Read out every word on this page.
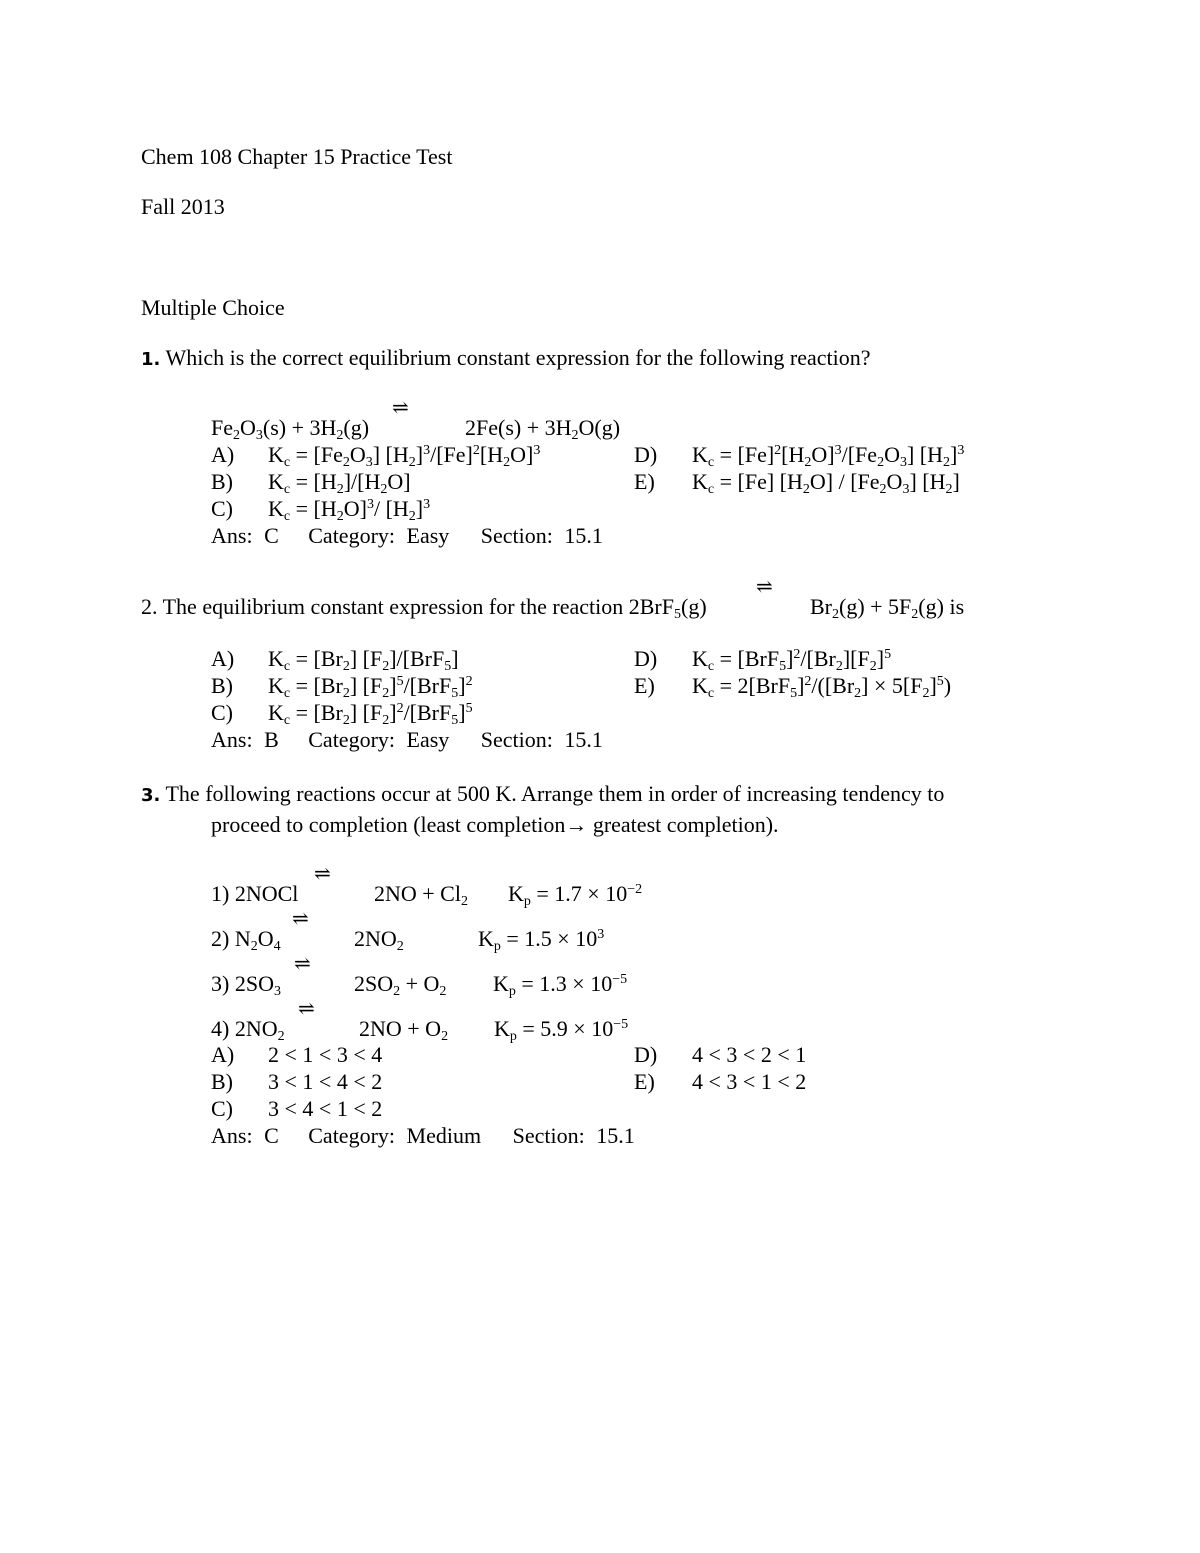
Chem 108 Chapter 15 Practice Test
Fall 2013
Multiple Choice
1. Which is the correct equilibrium constant expression for the following reaction?
⇌
$Fe_2O_3(s) + 3H_2(g)$	$2Fe(s) + 3H_2O(g)$
A) $K_c = [Fe_2O_3]$ $[H_2]^3/[Fe]^2[H_2O]^3$	D) $K_c = [Fe]^2[H_2O]^3/[Fe_2O_3]$ $[H_2]^3$
B) $K_c = [H_2]/[H_2O]$	E) $K_c = [Fe]$ $[H_2O] / [Fe_2O_3]$ $[H_2]$
C) $K_c = [H_2O]^3/$ $[H_2]^3$
Ans: C Category: Easy Section: 15.1
⇌
2. The equilibrium constant expression for the reaction 2BrF$_5$(g)	$Br_2(g) + 5F_2(g)$ is
A) $K_c = [Br_2]$ $[F_2]/[BrF_5]$	D) $K_c = [BrF_5]^2/[Br_2][F_2]^5$
B) $K_c = [Br_2]$ $[F_2]^5/[BrF_5]^2$	E) $K_c = 2[BrF_5]^2/([Br_2] \times 5[F_2]^5)$
C) $K_c = [Br_2]$ $[F_2]^2/[BrF_5]^5$
Ans: B Category: Easy Section: 15.1
3. The following reactions occur at 500 K. Arrange them in order of increasing tendency to
proceed to completion (least completion→ greatest completion).
⇌
1) 2NOCl	$2NO + Cl_2$ $K_p = 1.7 \times 10^{-2}$
⇌
2) $N_2O_4$	$2NO_2$	$K_p = 1.5 \times 10^3$
⇌
3) $2SO_3$	$2SO_2 + O_2$ $K_p = 1.3 \times 10^{-5}$
⇌
4) $2NO_2$	$2NO + O_2$ $K_p = 5.9 \times 10^{-5}$
A) 2 < 1 < 3 < 4	D) 4 < 3 < 2 < 1
B) 3 < 1 < 4 < 2	E) 4 < 3 < 1 < 2
C) 3 < 4 < 1 < 2
Ans: C Category: Medium Section: 15.1
